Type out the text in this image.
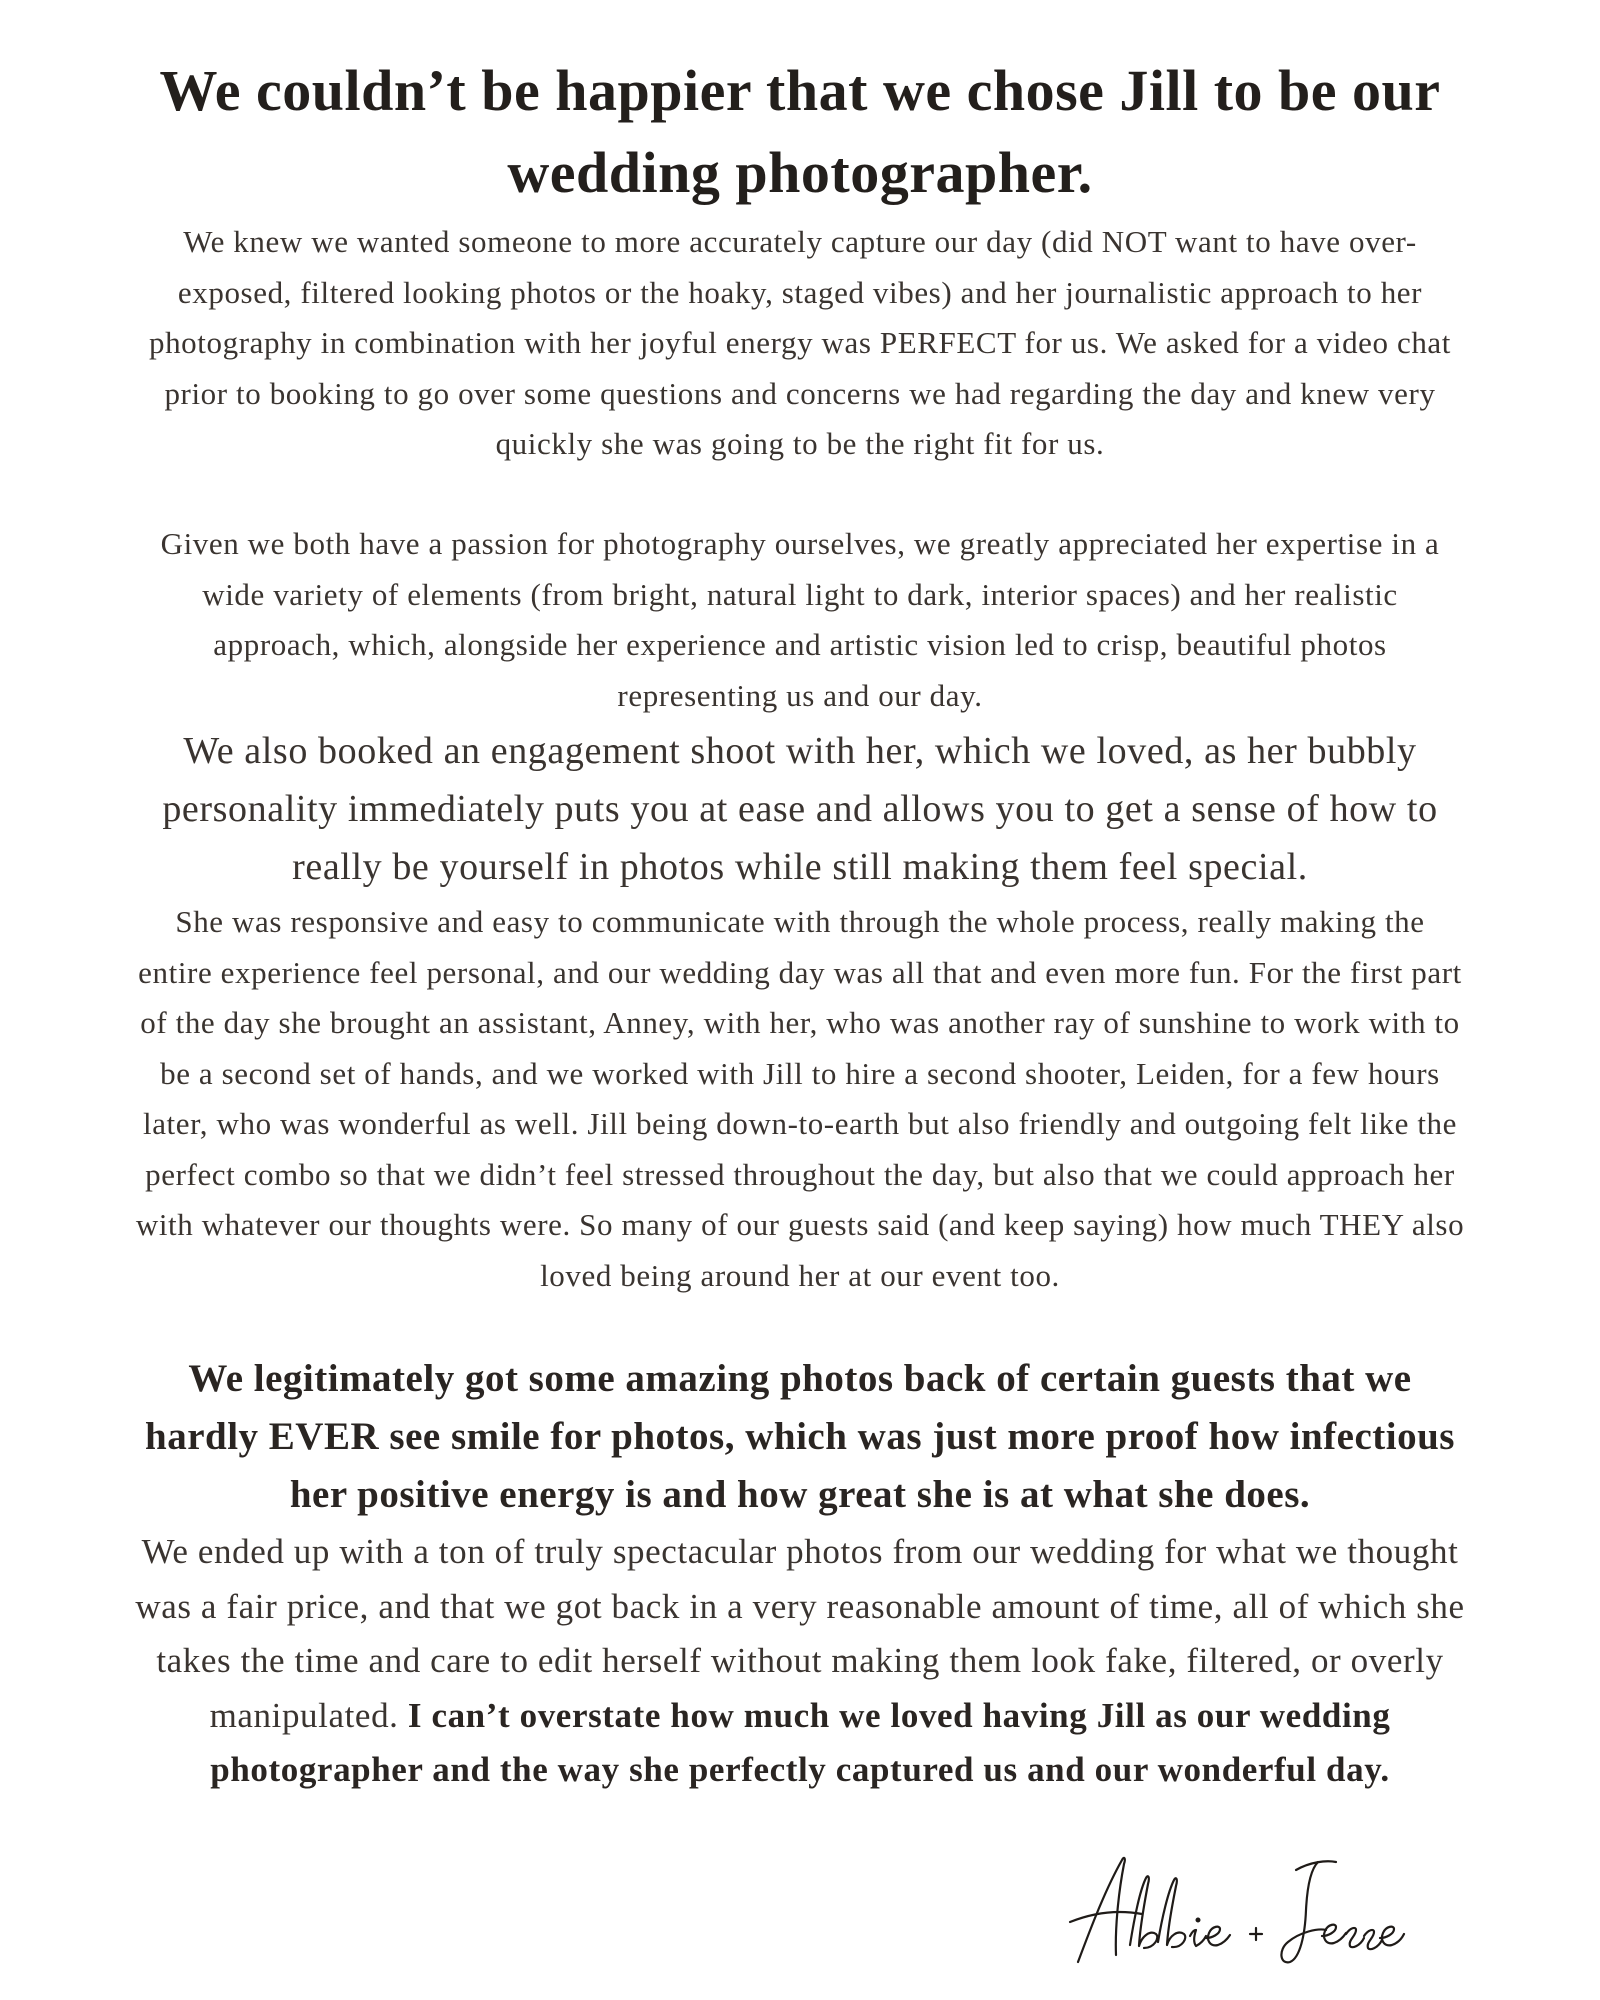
We couldn’t be happier that we chose Jill to be our wedding photographer.

We knew we wanted someone to more accurately capture our day (did NOT want to have over-exposed, filtered looking photos or the hoaky, staged vibes) and her journalistic approach to her photography in combination with her joyful energy was PERFECT for us. We asked for a video chat prior to booking to go over some questions and concerns we had regarding the day and knew very quickly she was going to be the right fit for us.

Given we both have a passion for photography ourselves, we greatly appreciated her expertise in a wide variety of elements (from bright, natural light to dark, interior spaces) and her realistic approach, which, alongside her experience and artistic vision led to crisp, beautiful photos representing us and our day.

We also booked an engagement shoot with her, which we loved, as her bubbly personality immediately puts you at ease and allows you to get a sense of how to really be yourself in photos while still making them feel special.

She was responsive and easy to communicate with through the whole process, really making the entire experience feel personal, and our wedding day was all that and even more fun. For the first part of the day she brought an assistant, Anney, with her, who was another ray of sunshine to work with to be a second set of hands, and we worked with Jill to hire a second shooter, Leiden, for a few hours later, who was wonderful as well. Jill being down-to-earth but also friendly and outgoing felt like the perfect combo so that we didn’t feel stressed throughout the day, but also that we could approach her with whatever our thoughts were. So many of our guests said (and keep saying) how much THEY also loved being around her at our event too.

We legitimately got some amazing photos back of certain guests that we hardly EVER see smile for photos, which was just more proof how infectious her positive energy is and how great she is at what she does.

We ended up with a ton of truly spectacular photos from our wedding for what we thought was a fair price, and that we got back in a very reasonable amount of time, all of which she takes the time and care to edit herself without making them look fake, filtered, or overly manipulated. I can’t overstate how much we loved having Jill as our wedding photographer and the way she perfectly captured us and our wonderful day.
